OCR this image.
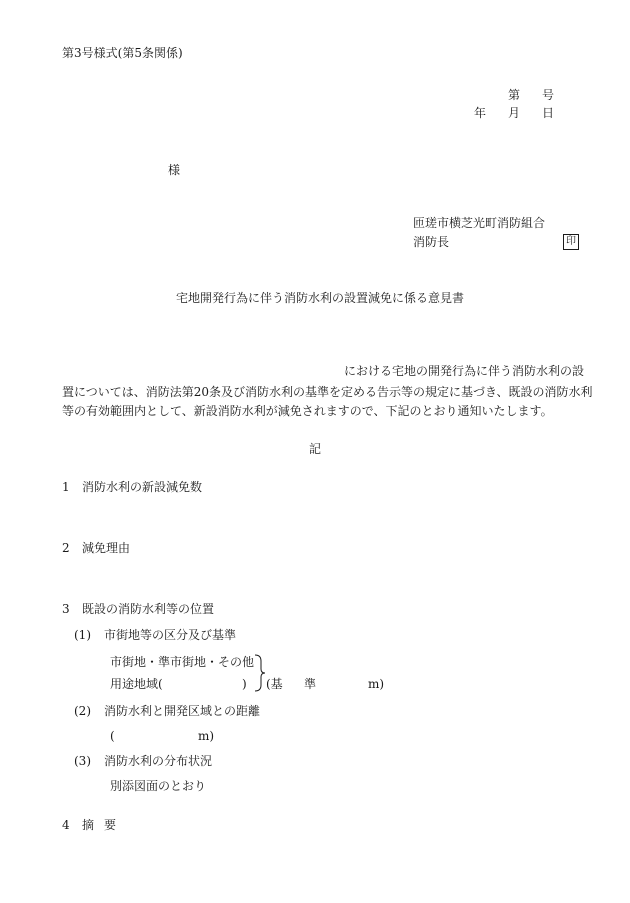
第3号様式(第5条関係)
第 号
年 月 日
様
匝瑳市横芝光町消防組合
消防長	印
宅地開発行為に伴う消防水利の設置減免に係る意見書
における宅地の開発行為に伴う消防水利の設
置については、消防法第20条及び消防水利の基準を定める告示等の規定に基づき、既設の消防水利
等の有効範囲内として、新設消防水利が減免されますので、下記のとおり通知いたします。
記
1 消防水利の新設減免数
2 減免理由
3 既設の消防水利等の位置
(1) 市街地等の区分及び基準
市街地・準市街地・その他
用途地域(	) (基 準	m)
(2) 消防水利と開発区域との距離
(	m)
(3) 消防水利の分布状況
別添図面のとおり
4 摘 要
